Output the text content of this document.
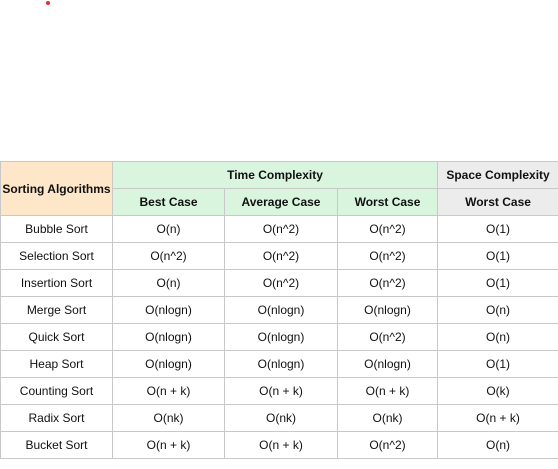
Sorting Algorithms	Time Complexity			Space Complexity
	Best Case	Average Case	Worst Case	Worst Case
Bubble Sort	O(n)	O(n^2)	O(n^2)	O(1)
Selection Sort	O(n^2)	O(n^2)	O(n^2)	O(1)
Insertion Sort	O(n)	O(n^2)	O(n^2)	O(1)
Merge Sort	O(nlogn)	O(nlogn)	O(nlogn)	O(n)
Quick Sort	O(nlogn)	O(nlogn)	O(n^2)	O(n)
Heap Sort	O(nlogn)	O(nlogn)	O(nlogn)	O(1)
Counting Sort	O(n + k)	O(n + k)	O(n + k)	O(k)
Radix Sort	O(nk)	O(nk)	O(nk)	O(n + k)
Bucket Sort	O(n + k)	O(n + k)	O(n^2)	O(n)
